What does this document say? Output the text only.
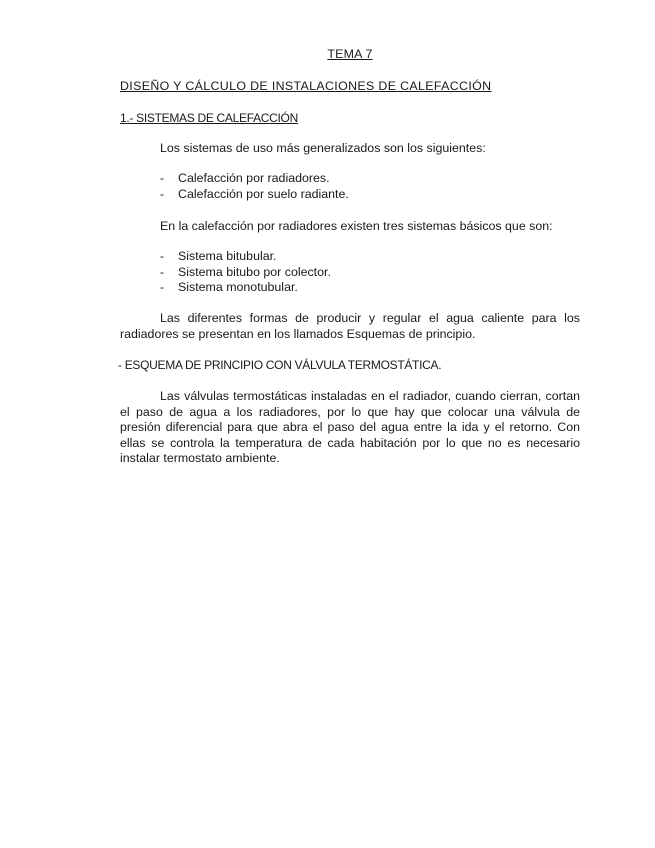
TEMA 7
DISEÑO Y CÁLCULO DE INSTALACIONES DE CALEFACCIÓN
1.- SISTEMAS DE CALEFACCIÓN
Los sistemas de uso más generalizados son los siguientes:
- Calefacción por radiadores.
- Calefacción por suelo radiante.
En la calefacción por radiadores existen tres sistemas básicos que son:
- Sistema bitubular.
- Sistema bitubo por colector.
- Sistema monotubular.
Las diferentes formas de producir y regular el agua caliente para los radiadores se presentan en los llamados Esquemas de principio.
- ESQUEMA DE PRINCIPIO CON VÁLVULA TERMOSTÁTICA.
Las válvulas termostáticas instaladas en el radiador, cuando cierran, cortan el paso de agua a los radiadores, por lo que hay que colocar una válvula de presión diferencial para que abra el paso del agua entre la ida y el retorno. Con ellas se controla la temperatura de cada habitación por lo que no es necesario instalar termostato ambiente.
